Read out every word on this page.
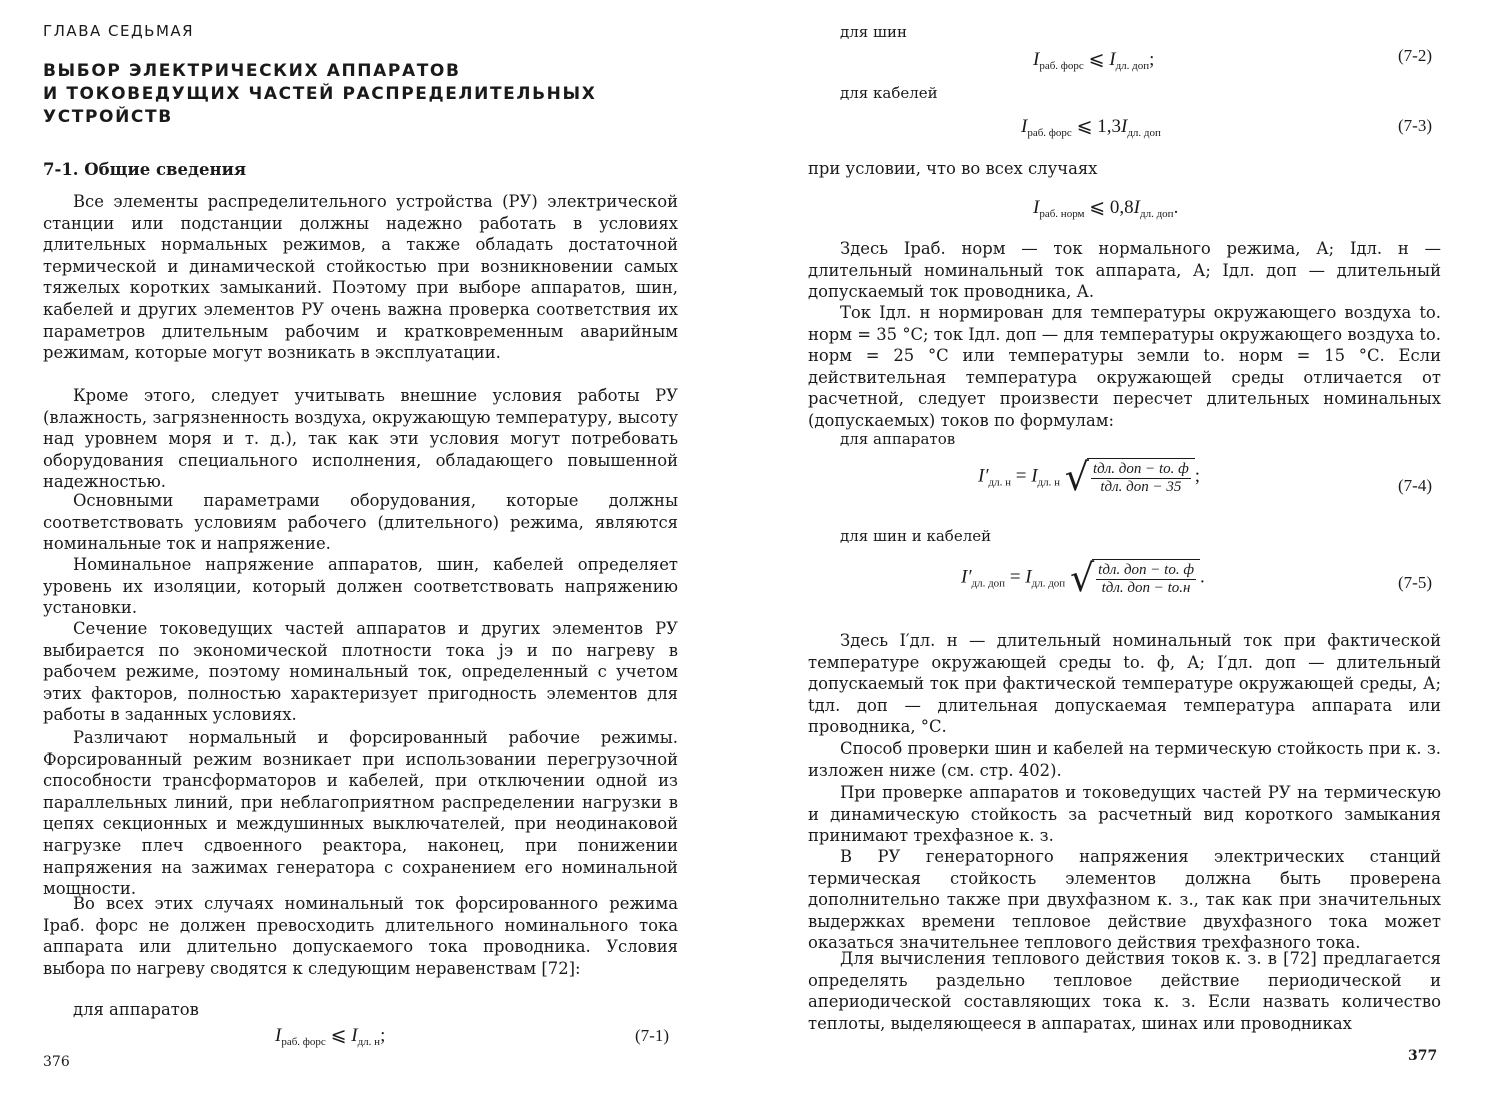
ГЛАВА СЕДЬМАЯ
ВЫБОР ЭЛЕКТРИЧЕСКИХ АППАРАТОВ
И ТОКОВЕДУЩИХ ЧАСТЕЙ РАСПРЕДЕЛИТЕЛЬНЫХ
УСТРОЙСТВ
7-1. Общие сведения
Все элементы распределительного устройства (РУ) электрической станции или подстанции должны надежно работать в условиях длительных нормальных режимов, а также обладать достаточной термической и динамической стойкостью при возникновении самых тяжелых коротких замыканий. Поэтому при выборе аппаратов, шин, кабелей и других элементов РУ очень важна проверка соответствия их параметров длительным рабочим и кратковременным аварийным режимам, которые могут возникать в эксплуатации.
Кроме этого, следует учитывать внешние условия работы РУ (влажность, загрязненность воздуха, окружающую температуру, высоту над уровнем моря и т. д.), так как эти условия могут потребовать оборудования специального исполнения, обладающего повышенной надежностью.
Основными параметрами оборудования, которые должны соответствовать условиям рабочего (длительного) режима, являются номинальные ток и напряжение.
Номинальное напряжение аппаратов, шин, кабелей определяет уровень их изоляции, который должен соответствовать напряжению установки.
Сечение токоведущих частей аппаратов и других элементов РУ выбирается по экономической плотности тока jэ и по нагреву в рабочем режиме, поэтому номинальный ток, определенный с учетом этих факторов, полностью характеризует пригодность элементов для работы в заданных условиях.
Различают нормальный и форсированный рабочие режимы. Форсированный режим возникает при использовании перегрузочной способности трансформаторов и кабелей, при отключении одной из параллельных линий, при неблагоприятном распределении нагрузки в цепях секционных и междушинных выключателей, при неодинаковой нагрузке плеч сдвоенного реактора, наконец, при понижении напряжения на зажимах генератора с сохранением его номинальной мощности.
Во всех этих случаях номинальный ток форсированного режима Iраб. форс не должен превосходить длительного номинального тока аппарата или длительно допускаемого тока проводника. Условия выбора по нагреву сводятся к следующим неравенствам [72]:
для аппаратов
$I_{раб. форс}$ ⩽ $I_{дл. н}$;	(7-1)
376
для шин
$I_{раб. форс}$ ⩽ $I_{дл. доп}$;	(7-2)
для кабелей
$I_{раб. форс}$ ⩽ $1,3I_{дл. доп}$	(7-3)
при условии, что во всех случаях
$I_{раб. норм}$ ⩽ $0,8I_{дл. доп}$.
Здесь Iраб. норм — ток нормального режима, А; Iдл. н — длительный номинальный ток аппарата, А; Iдл. доп — длительный допускаемый ток проводника, А.
Ток Iдл. н нормирован для температуры окружающего воздуха tо. норм = 35 °С; ток Iдл. доп — для температуры окружающего воздуха tо. норм = 25 °С или температуры земли tо. норм = 15 °С. Если действительная температура окружающей среды отличается от расчетной, следует произвести пересчет длительных номинальных (допускаемых) токов по формулам:
для аппаратов
$I'_{дл. н} = I_{дл. н}$ √ $\frac{\text{tдл. доп − tо. ф}}{\text{tдл. доп − 35}}$ ;	(7-4)
для шин и кабелей
$I'_{дл. доп} = I_{дл. доп}$ √ $\frac{\text{tдл. доп − tо. ф}}{\text{tдл. доп − tо.н}}$ .	(7-5)
Здесь I′дл. н — длительный номинальный ток при фактической температуре окружающей среды tо. ф, А; I′дл. доп — длительный допускаемый ток при фактической температуре окружающей среды, А; tдл. доп — длительная допускаемая температура аппарата или проводника, °С.
Способ проверки шин и кабелей на термическую стойкость при к. з. изложен ниже (см. стр. 402).
При проверке аппаратов и токоведущих частей РУ на термическую и динамическую стойкость за расчетный вид короткого замыкания принимают трехфазное к. з.
В РУ генераторного напряжения электрических станций термическая стойкость элементов должна быть проверена дополнительно также при двухфазном к. з., так как при значительных выдержках времени тепловое действие двухфазного тока может оказаться значительнее теплового действия трехфазного тока.
Для вычисления теплового действия токов к. з. в [72] предлагается определять раздельно тепловое действие периодической и апериодической составляющих тока к. з. Если назвать количество теплоты, выделяющееся в аппаратах, шинах или проводниках
377
